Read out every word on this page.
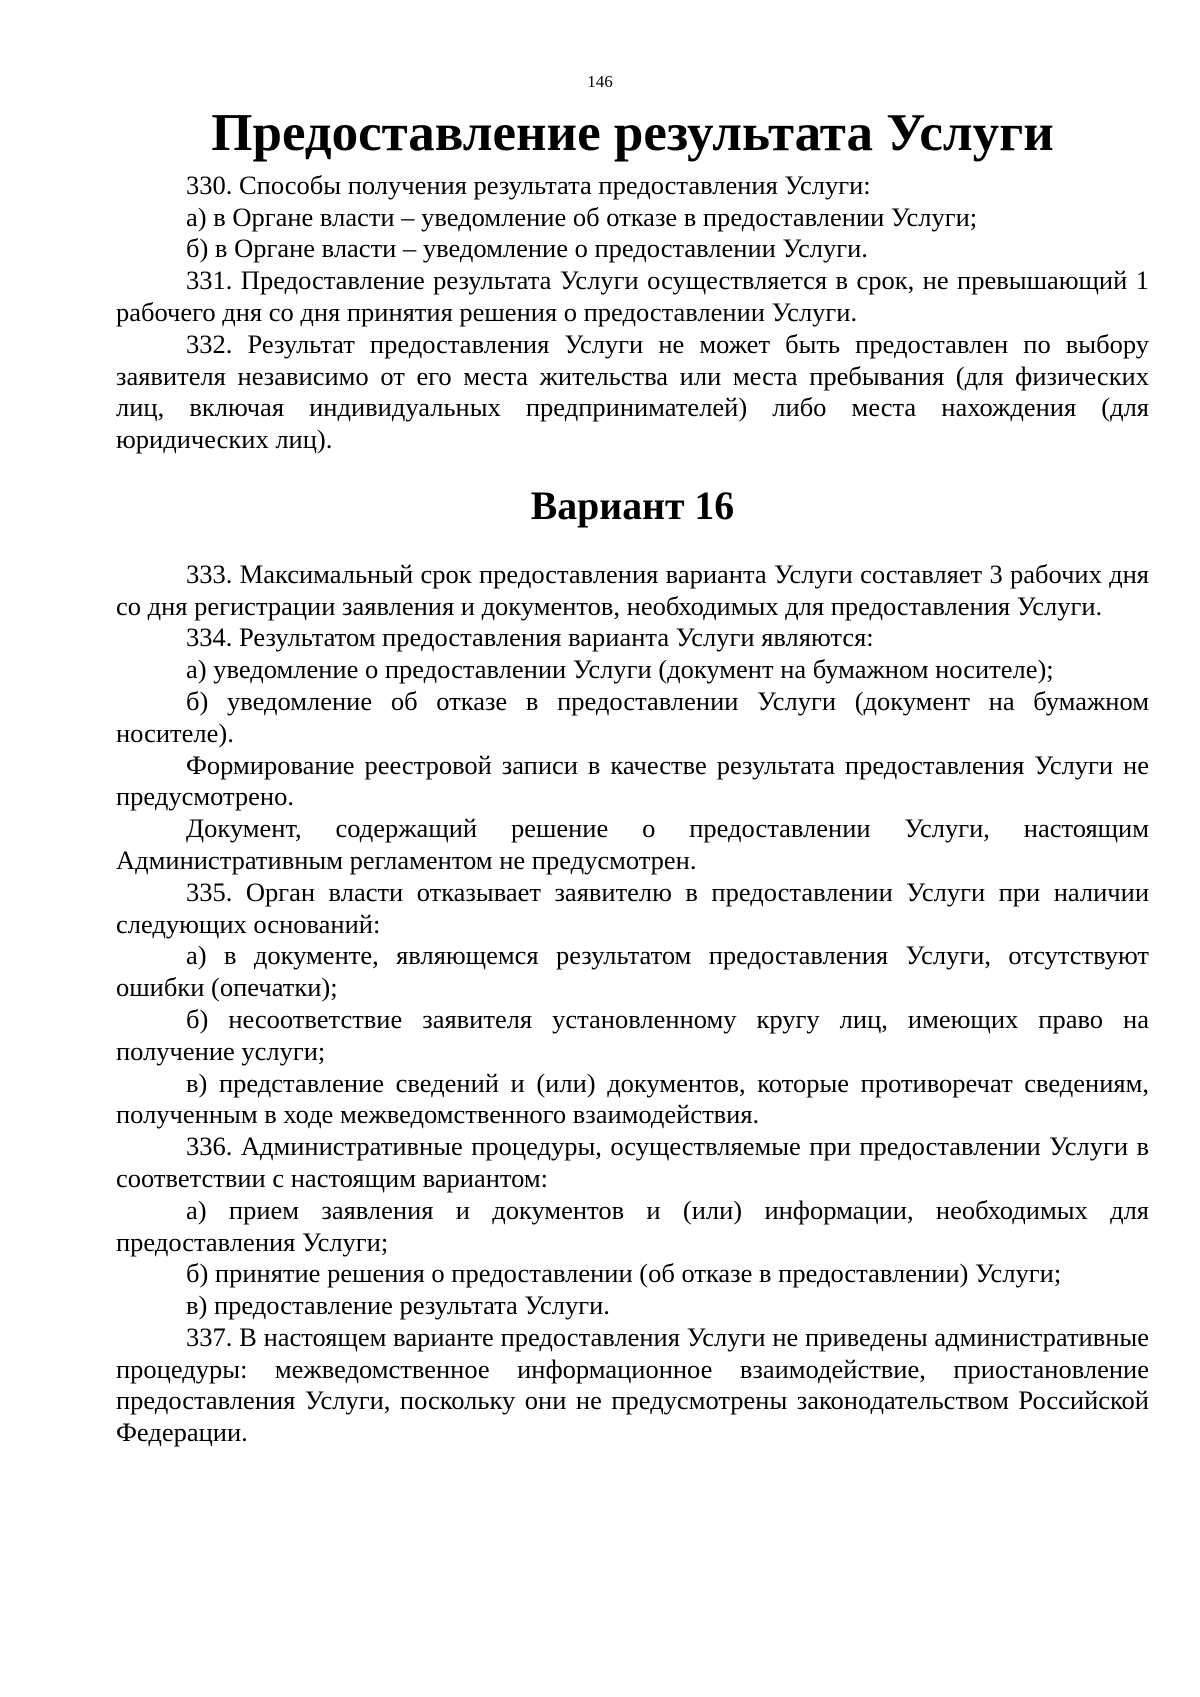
146
Предоставление результата Услуги

330. Способы получения результата предоставления Услуги:

а) в Органе власти – уведомление об отказе в предоставлении Услуги;

б) в Органе власти – уведомление о предоставлении Услуги.

331. Предоставление результата Услуги осуществляется в срок, не превышающий 1 рабочего дня со дня принятия решения о предоставлении Услуги.

332. Результат предоставления Услуги не может быть предоставлен по выбору заявителя независимо от его места жительства или места пребывания (для физических лиц, включая индивидуальных предпринимателей) либо места нахождения (для юридических лиц).

Вариант 16

333. Максимальный срок предоставления варианта Услуги составляет 3 рабочих дня со дня регистрации заявления и документов, необходимых для предоставления Услуги.

334. Результатом предоставления варианта Услуги являются:

а) уведомление о предоставлении Услуги (документ на бумажном носителе);

б) уведомление об отказе в предоставлении Услуги (документ на бумажном носителе).

Формирование реестровой записи в качестве результата предоставления Услуги не предусмотрено.

Документ, содержащий решение о предоставлении Услуги, настоящим Административным регламентом не предусмотрен.

335. Орган власти отказывает заявителю в предоставлении Услуги при наличии следующих оснований:

а) в документе, являющемся результатом предоставления Услуги, отсутствуют ошибки (опечатки);

б) несоответствие заявителя установленному кругу лиц, имеющих право на получение услуги;

в) представление сведений и (или) документов, которые противоречат сведениям, полученным в ходе межведомственного взаимодействия.

336. Административные процедуры, осуществляемые при предоставлении Услуги в соответствии с настоящим вариантом:

а) прием заявления и документов и (или) информации, необходимых для предоставления Услуги;

б) принятие решения о предоставлении (об отказе в предоставлении) Услуги;

в) предоставление результата Услуги.

337. В настоящем варианте предоставления Услуги не приведены административные процедуры: межведомственное информационное взаимодействие, приостановление предоставления Услуги, поскольку они не предусмотрены законодательством Российской Федерации.
